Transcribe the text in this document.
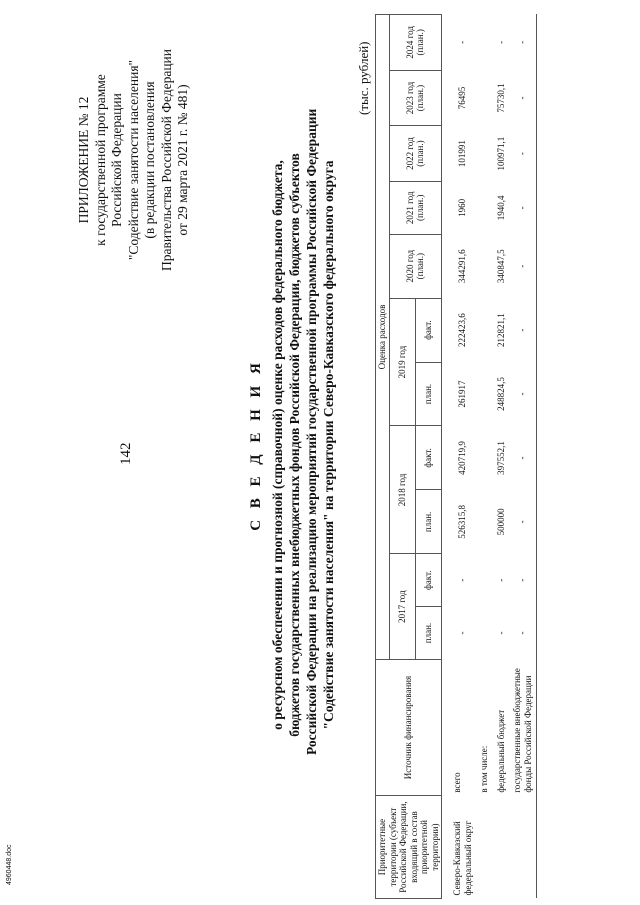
142
ПРИЛОЖЕНИЕ № 12 к государственной программе Российской Федерации "Содействие занятости населения" (в редакции постановления Правительства Российской Федерации от 29 марта 2021 г. № 481)
С В Е Д Е Н И Я о ресурсном обеспечении и прогнозной (справочной) оценке расходов федерального бюджета, бюджетов государственных внебюджетных фондов Российской Федерации, бюджетов субъектов Российской Федерации на реализацию мероприятий государственной программы Российской Федерации "Содействие занятости населения" на территории Северо-Кавказского федерального округа
(тыс. рублей)
Приоритетные территории (субъект Российской Федерации, входящий в состав приоритетной территории)	Источник финансирования	Оценка расходов										
		2017 год		2018 год		2019 год		2020 год (план.)	2021 год (план.)	2022 год (план.)	2023 год (план.)	2024 год (план.)
		план.	факт.	план.	факт.	план.	факт.					

Северо-Кавказский федеральный округ	всего	-	-	526315,8	420719,9	261917	222423,6	344291,6	1960	101991	76495	-
	в том числе:											
	федеральный бюджет	-	-	500000	397552,1	248824,5	212821,1	340847,5	1940,4	100971,1	75730,1	-
	государственные внебюджетные фонды Российской Федерации	-	-	-	-	-	-	-	-	-	-	-
4960448.doc
